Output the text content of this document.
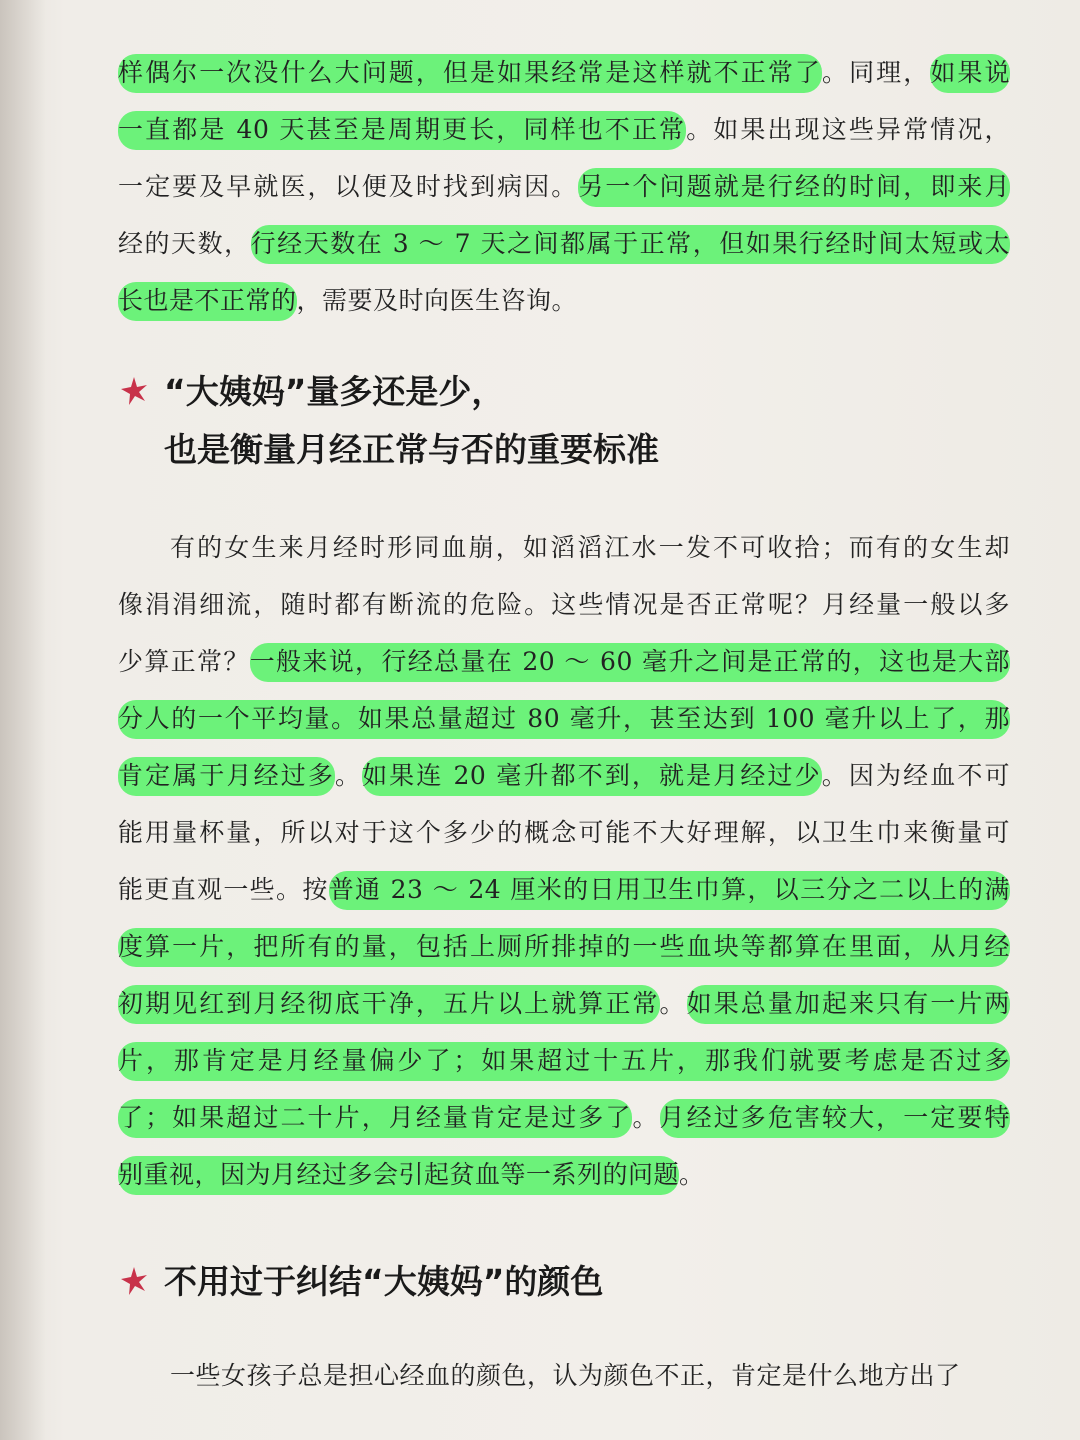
样偶尔一次没什么大问题，但是如果经常是这样就不正常了。同理，如果说
一直都是 40 天甚至是周期更长，同样也不正常。如果出现这些异常情况，
一定要及早就医，以便及时找到病因。另一个问题就是行经的时间，即来月
经的天数，行经天数在 3 ～ 7 天之间都属于正常，但如果行经时间太短或太
长也是不正常的，需要及时向医生咨询。
“大姨妈”量多还是少，
也是衡量月经正常与否的重要标准
有的女生来月经时形同血崩，如滔滔江水一发不可收拾；而有的女生却
像涓涓细流，随时都有断流的危险。这些情况是否正常呢？月经量一般以多
少算正常？一般来说，行经总量在 20 ～ 60 毫升之间是正常的，这也是大部
分人的一个平均量。如果总量超过 80 毫升，甚至达到 100 毫升以上了，那
肯定属于月经过多。如果连 20 毫升都不到，就是月经过少。因为经血不可
能用量杯量，所以对于这个多少的概念可能不大好理解，以卫生巾来衡量可
能更直观一些。按普通 23 ～ 24 厘米的日用卫生巾算，以三分之二以上的满
度算一片，把所有的量，包括上厕所排掉的一些血块等都算在里面，从月经
初期见红到月经彻底干净，五片以上就算正常。如果总量加起来只有一片两
片，那肯定是月经量偏少了；如果超过十五片，那我们就要考虑是否过多
了；如果超过二十片，月经量肯定是过多了。月经过多危害较大，一定要特
别重视，因为月经过多会引起贫血等一系列的问题。
不用过于纠结“大姨妈”的颜色
一些女孩子总是担心经血的颜色，认为颜色不正，肯定是什么地方出了
